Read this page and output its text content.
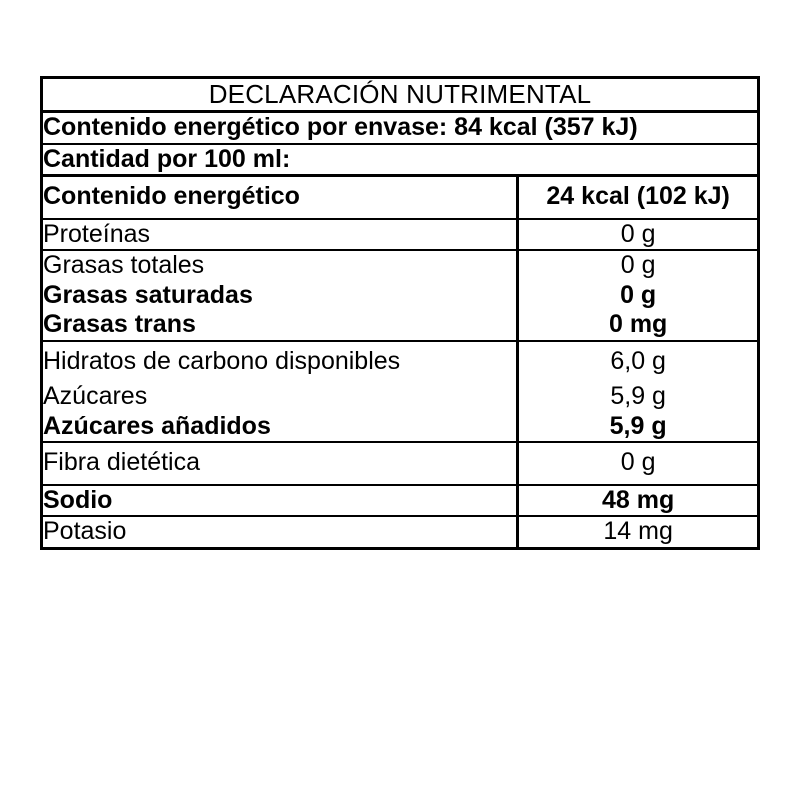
DECLARACIÓN NUTRIMENTAL	
Contenido energético por envase: 84 kcal (357 kJ)	
Cantidad por 100 ml:	
Contenido energético	24 kcal (102 kJ)
Proteínas	0 g
Grasas totales	0 g
Grasas saturadas	0 g
Grasas trans	0 mg
Hidratos de carbono disponibles	6,0 g
Azúcares	5,9 g
Azúcares añadidos	5,9 g
Fibra dietética	0 g
Sodio	48 mg
Potasio	14 mg
